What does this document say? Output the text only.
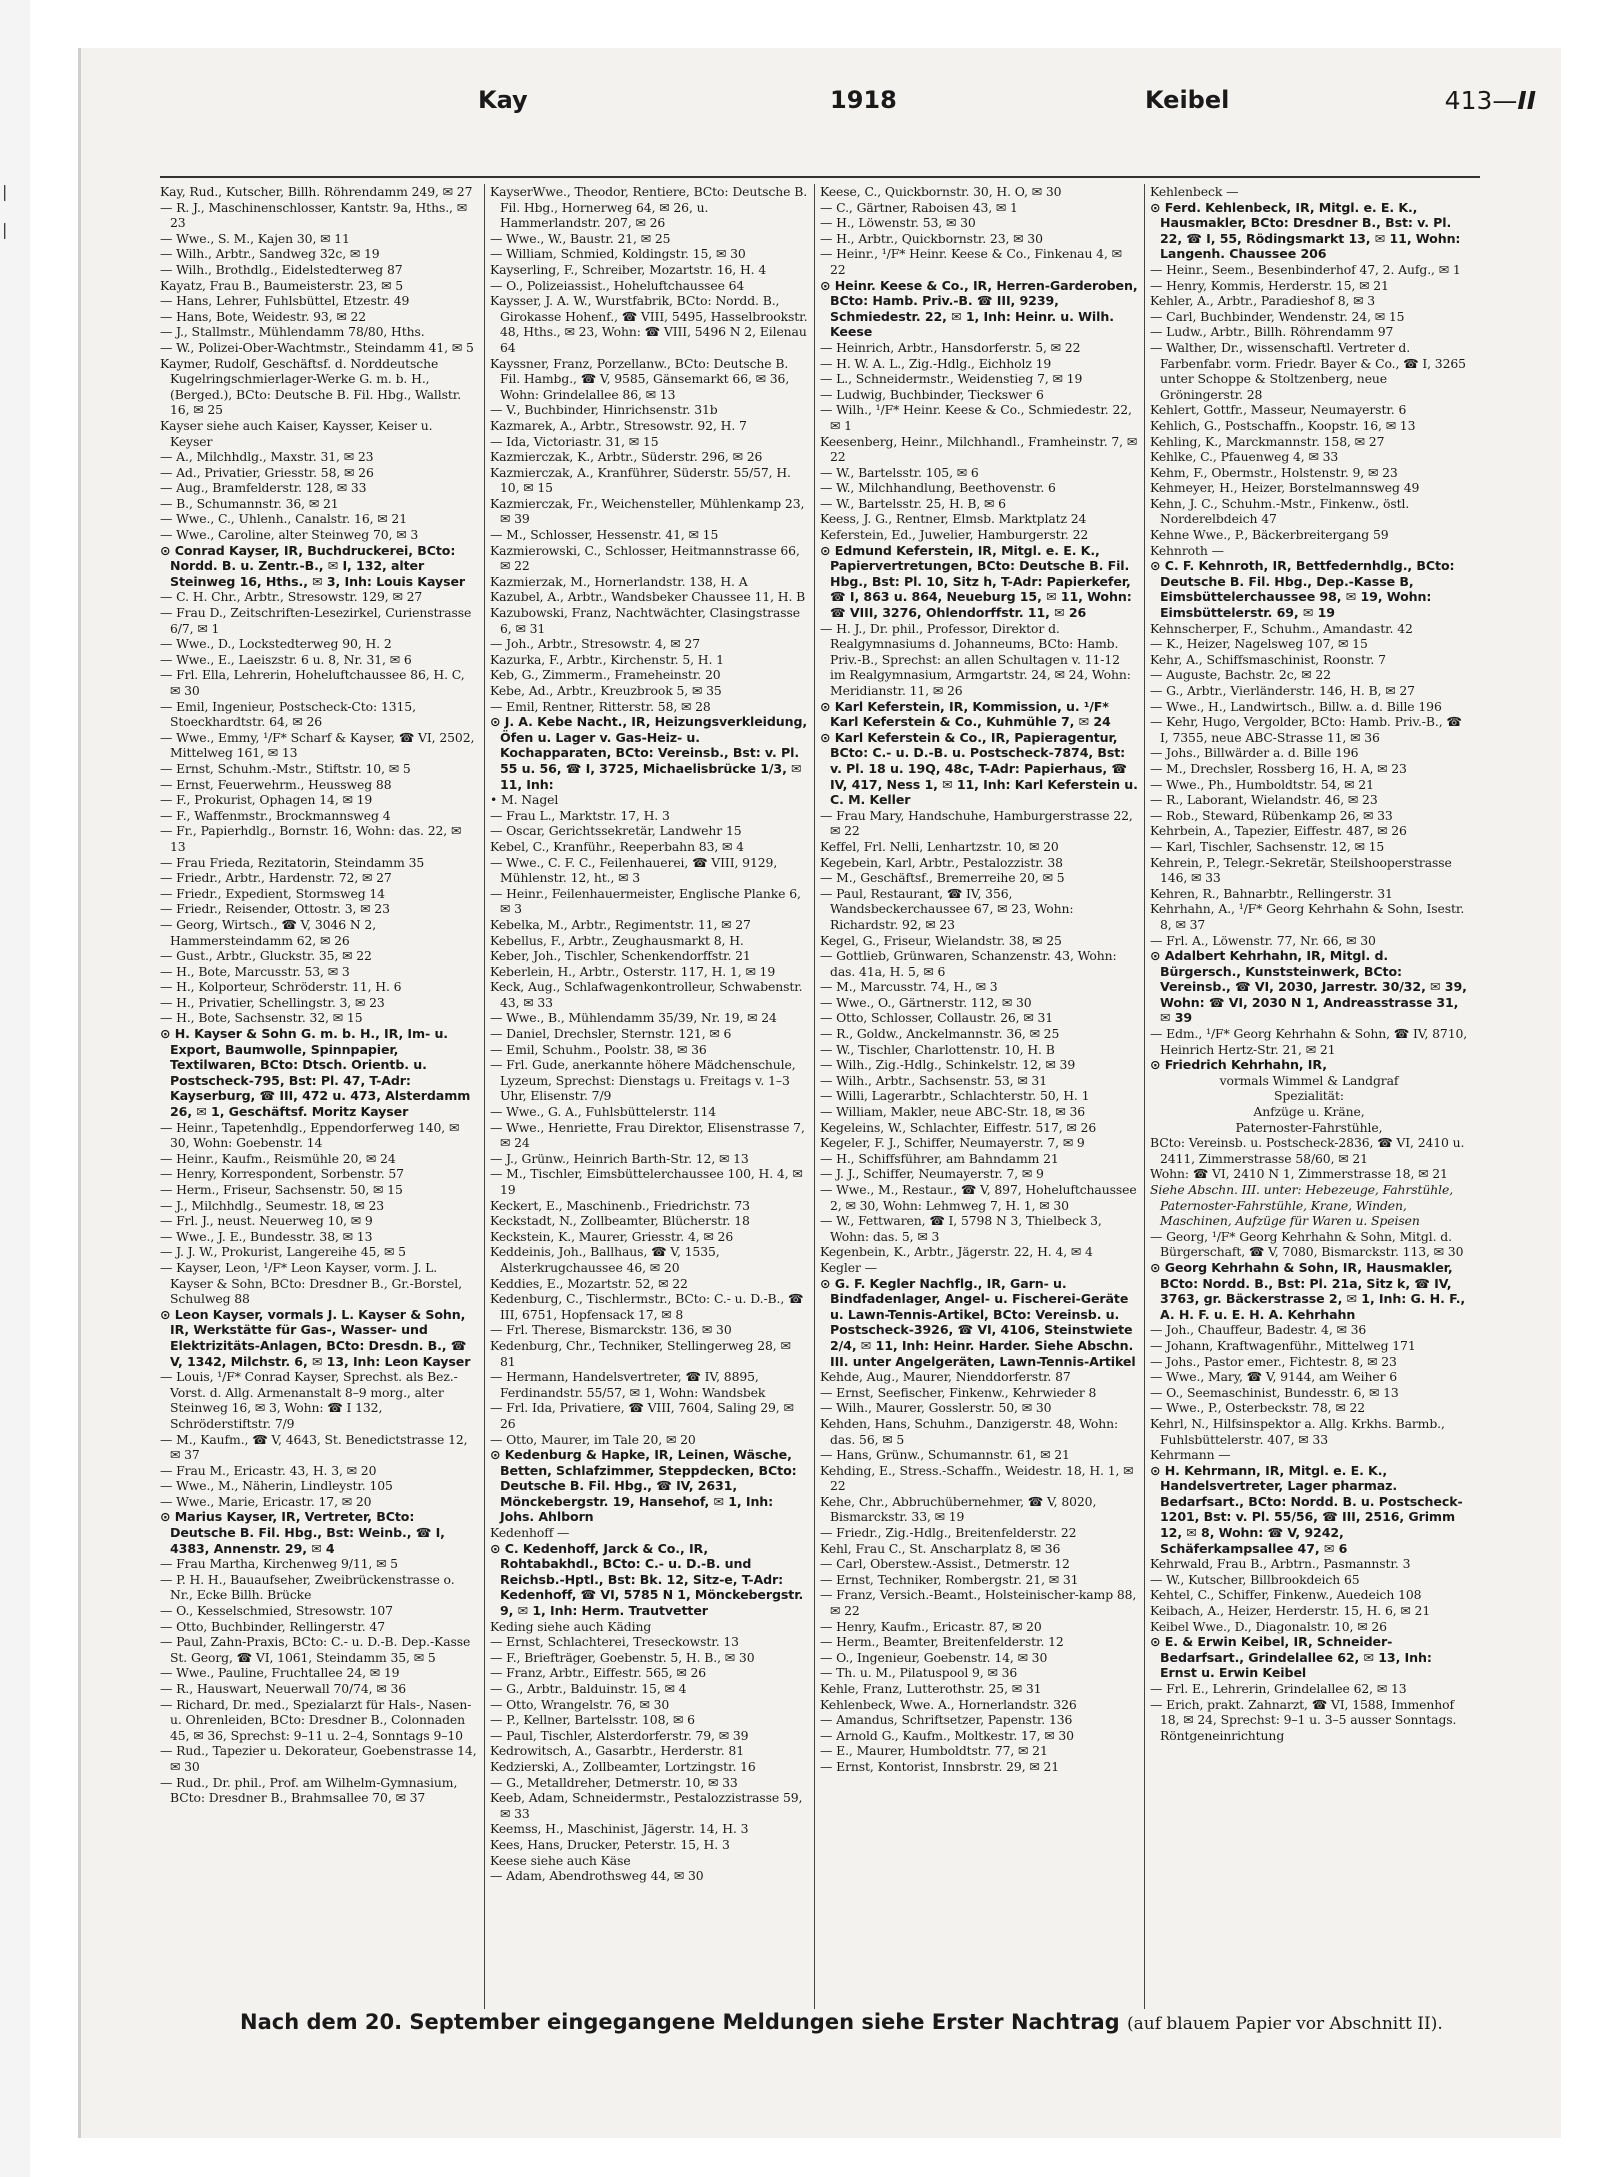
|
|
Kay	1918	Keibel	413—II

Kay, Rud., Kutscher, Billh. Röhrendamm 249, ✉ 27

— R. J., Maschinenschlosser, Kantstr. 9a, Hths., ✉ 23

— Wwe., S. M., Kajen 30, ✉ 11

— Wilh., Arbtr., Sandweg 32c, ✉ 19

— Wilh., Brothdlg., Eidelstedterweg 87

Kayatz, Frau B., Baumeisterstr. 23, ✉ 5

— Hans, Lehrer, Fuhlsbüttel, Etzestr. 49

— Hans, Bote, Weidestr. 93, ✉ 22

— J., Stallmstr., Mühlendamm 78/80, Hths.

— W., Polizei-Ober-Wachtmstr., Steindamm 41, ✉ 5

Kaymer, Rudolf, Geschäftsf. d. Norddeutsche Kugelringschmierlager-Werke G. m. b. H., (Berged.), BCto: Deutsche B. Fil. Hbg., Wallstr. 16, ✉ 25

Kayser siehe auch Kaiser, Kaysser, Keiser u. Keyser

— A., Milchhdlg., Maxstr. 31, ✉ 23

— Ad., Privatier, Griesstr. 58, ✉ 26

— Aug., Bramfelderstr. 128, ✉ 33

— B., Schumannstr. 36, ✉ 21

— Wwe., C., Uhlenh., Canalstr. 16, ✉ 21

— Wwe., Caroline, alter Steinweg 70, ✉ 3

⊙ Conrad Kayser, IR, Buchdruckerei, BCto: Nordd. B. u. Zentr.-B., ✉ I, 132, alter Steinweg 16, Hths., ✉ 3, Inh: Louis Kayser

— C. H. Chr., Arbtr., Stresowstr. 129, ✉ 27

— Frau D., Zeitschriften-Lesezirkel, Curienstrasse 6/7, ✉ 1

— Wwe., D., Lockstedterweg 90, H. 2

— Wwe., E., Laeiszstr. 6 u. 8, Nr. 31, ✉ 6

— Frl. Ella, Lehrerin, Hoheluftchaussee 86, H. C, ✉ 30

— Emil, Ingenieur, Postscheck-Cto: 1315, Stoeckhardtstr. 64, ✉ 26

— Wwe., Emmy, ¹/F* Scharf & Kayser, ☎ VI, 2502, Mittelweg 161, ✉ 13

— Ernst, Schuhm.-Mstr., Stiftstr. 10, ✉ 5

— Ernst, Feuerwehrm., Heussweg 88

— F., Prokurist, Ophagen 14, ✉ 19

— F., Waffenmstr., Brockmannsweg 4

— Fr., Papierhdlg., Bornstr. 16, Wohn: das. 22, ✉ 13

— Frau Frieda, Rezitatorin, Steindamm 35

— Friedr., Arbtr., Hardenstr. 72, ✉ 27

— Friedr., Expedient, Stormsweg 14

— Friedr., Reisender, Ottostr. 3, ✉ 23

— Georg, Wirtsch., ☎ V, 3046 N 2, Hammersteindamm 62, ✉ 26

— Gust., Arbtr., Gluckstr. 35, ✉ 22

— H., Bote, Marcusstr. 53, ✉ 3

— H., Kolporteur, Schröderstr. 11, H. 6

— H., Privatier, Schellingstr. 3, ✉ 23

— H., Bote, Sachsenstr. 32, ✉ 15

⊙ H. Kayser & Sohn G. m. b. H., IR, Im- u. Export, Baumwolle, Spinnpapier, Textilwaren, BCto: Dtsch. Orientb. u. Postscheck-795, Bst: Pl. 47, T-Adr: Kayserburg, ☎ III, 472 u. 473, Alsterdamm 26, ✉ 1, Geschäftsf. Moritz Kayser

— Heinr., Tapetenhdlg., Eppendorferweg 140, ✉ 30, Wohn: Goebenstr. 14

— Heinr., Kaufm., Reismühle 20, ✉ 24

— Henry, Korrespondent, Sorbenstr. 57

— Herm., Friseur, Sachsenstr. 50, ✉ 15

— J., Milchhdlg., Seumestr. 18, ✉ 23

— Frl. J., neust. Neuerweg 10, ✉ 9

— Wwe., J. E., Bundesstr. 38, ✉ 13

— J. J. W., Prokurist, Langereihe 45, ✉ 5

— Kayser, Leon, ¹/F* Leon Kayser, vorm. J. L. Kayser & Sohn, BCto: Dresdner B., Gr.-Borstel, Schulweg 88

⊙ Leon Kayser, vormals J. L. Kayser & Sohn, IR, Werkstätte für Gas-, Wasser- und Elektrizitäts-Anlagen, BCto: Dresdn. B., ☎ V, 1342, Milchstr. 6, ✉ 13, Inh: Leon Kayser

— Louis, ¹/F* Conrad Kayser, Sprechst. als Bez.-Vorst. d. Allg. Armenanstalt 8–9 morg., alter Steinweg 16, ✉ 3, Wohn: ☎ I 132, Schröderstiftstr. 7/9

— M., Kaufm., ☎ V, 4643, St. Benedictstrasse 12, ✉ 37

— Frau M., Ericastr. 43, H. 3, ✉ 20

— Wwe., M., Näherin, Lindleystr. 105

— Wwe., Marie, Ericastr. 17, ✉ 20

⊙ Marius Kayser, IR, Vertreter, BCto: Deutsche B. Fil. Hbg., Bst: Weinb., ☎ I, 4383, Annenstr. 29, ✉ 4

— Frau Martha, Kirchenweg 9/11, ✉ 5

— P. H. H., Bauaufseher, Zweibrückenstrasse o. Nr., Ecke Billh. Brücke

— O., Kesselschmied, Stresowstr. 107

— Otto, Buchbinder, Rellingerstr. 47

— Paul, Zahn-Praxis, BCto: C.- u. D.-B. Dep.-Kasse St. Georg, ☎ VI, 1061, Steindamm 35, ✉ 5

— Wwe., Pauline, Fruchtallee 24, ✉ 19

— R., Hauswart, Neuerwall 70/74, ✉ 36

— Richard, Dr. med., Spezialarzt für Hals-, Nasen- u. Ohrenleiden, BCto: Dresdner B., Colonnaden 45, ✉ 36, Sprechst: 9–11 u. 2–4, Sonntags 9–10

— Rud., Tapezier u. Dekorateur, Goebenstrasse 14, ✉ 30

— Rud., Dr. phil., Prof. am Wilhelm-Gymnasium, BCto: Dresdner B., Brahmsallee 70, ✉ 37

KayserWwe., Theodor, Rentiere, BCto: Deutsche B. Fil. Hbg., Hornerweg 64, ✉ 26, u. Hammerlandstr. 207, ✉ 26

— Wwe., W., Baustr. 21, ✉ 25

— William, Schmied, Koldingstr. 15, ✉ 30

Kayserling, F., Schreiber, Mozartstr. 16, H. 4

— O., Polizeiassist., Hoheluftchaussee 64

Kaysser, J. A. W., Wurstfabrik, BCto: Nordd. B., Girokasse Hohenf., ☎ VIII, 5495, Hasselbrookstr. 48, Hths., ✉ 23, Wohn: ☎ VIII, 5496 N 2, Eilenau 64

Kayssner, Franz, Porzellanw., BCto: Deutsche B. Fil. Hambg., ☎ V, 9585, Gänsemarkt 66, ✉ 36, Wohn: Grindelallee 86, ✉ 13

— V., Buchbinder, Hinrichsenstr. 31b

Kazmarek, A., Arbtr., Stresowstr. 92, H. 7

— Ida, Victoriastr. 31, ✉ 15

Kazmierczak, K., Arbtr., Süderstr. 296, ✉ 26

Kazmierczak, A., Kranführer, Süderstr. 55/57, H. 10, ✉ 15

Kazmierczak, Fr., Weichensteller, Mühlenkamp 23, ✉ 39

— M., Schlosser, Hessenstr. 41, ✉ 15

Kazmierowski, C., Schlosser, Heitmannstrasse 66, ✉ 22

Kazmierzak, M., Hornerlandstr. 138, H. A

Kazubel, A., Arbtr., Wandsbeker Chaussee 11, H. B

Kazubowski, Franz, Nachtwächter, Clasingstrasse 6, ✉ 31

— Joh., Arbtr., Stresowstr. 4, ✉ 27

Kazurka, F., Arbtr., Kirchenstr. 5, H. 1

Keb, G., Zimmerm., Frameheinstr. 20

Kebe, Ad., Arbtr., Kreuzbrook 5, ✉ 35

— Emil, Rentner, Ritterstr. 58, ✉ 28

⊙ J. A. Kebe Nacht., IR, Heizungsverkleidung, Öfen u. Lager v. Gas-Heiz- u. Kochapparaten, BCto: Vereinsb., Bst: v. Pl. 55 u. 56, ☎ I, 3725, Michaelisbrücke 1/3, ✉ 11, Inh:

• M. Nagel

— Frau L., Marktstr. 17, H. 3

— Oscar, Gerichtssekretär, Landwehr 15

Kebel, C., Kranführ., Reeperbahn 83, ✉ 4

— Wwe., C. F. C., Feilenhauerei, ☎ VIII, 9129, Mühlenstr. 12, ht., ✉ 3

— Heinr., Feilenhauermeister, Englische Planke 6, ✉ 3

Kebelka, M., Arbtr., Regimentstr. 11, ✉ 27

Kebellus, F., Arbtr., Zeughausmarkt 8, H.

Keber, Joh., Tischler, Schenkendorffstr. 21

Keberlein, H., Arbtr., Osterstr. 117, H. 1, ✉ 19

Keck, Aug., Schlafwagenkontrolleur, Schwabenstr. 43, ✉ 33

— Wwe., B., Mühlendamm 35/39, Nr. 19, ✉ 24

— Daniel, Drechsler, Sternstr. 121, ✉ 6

— Emil, Schuhm., Poolstr. 38, ✉ 36

— Frl. Gude, anerkannte höhere Mädchenschule, Lyzeum, Sprechst: Dienstags u. Freitags v. 1–3 Uhr, Elisenstr. 7/9

— Wwe., G. A., Fuhlsbüttelerstr. 114

— Wwe., Henriette, Frau Direktor, Elisenstrasse 7, ✉ 24

— J., Grünw., Heinrich Barth-Str. 12, ✉ 13

— M., Tischler, Eimsbüttelerchaussee 100, H. 4, ✉ 19

Keckert, E., Maschinenb., Friedrichstr. 73

Keckstadt, N., Zollbeamter, Blücherstr. 18

Keckstein, K., Maurer, Griesstr. 4, ✉ 26

Keddeinis, Joh., Ballhaus, ☎ V, 1535, Alsterkrugchaussee 46, ✉ 20

Keddies, E., Mozartstr. 52, ✉ 22

Kedenburg, C., Tischlermstr., BCto: C.- u. D.-B., ☎ III, 6751, Hopfensack 17, ✉ 8

— Frl. Therese, Bismarckstr. 136, ✉ 30

Kedenburg, Chr., Techniker, Stellingerweg 28, ✉ 81

— Hermann, Handelsvertreter, ☎ IV, 8895, Ferdinandstr. 55/57, ✉ 1, Wohn: Wandsbek

— Frl. Ida, Privatiere, ☎ VIII, 7604, Saling 29, ✉ 26

— Otto, Maurer, im Tale 20, ✉ 20

⊙ Kedenburg & Hapke, IR, Leinen, Wäsche, Betten, Schlafzimmer, Steppdecken, BCto: Deutsche B. Fil. Hbg., ☎ IV, 2631, Mönckebergstr. 19, Hansehof, ✉ 1, Inh: Johs. Ahlborn

Kedenhoff —

⊙ C. Kedenhoff, Jarck & Co., IR, Rohtabakhdl., BCto: C.- u. D.-B. und Reichsb.-Hptl., Bst: Bk. 12, Sitz-e, T-Adr: Kedenhoff, ☎ VI, 5785 N 1, Mönckebergstr. 9, ✉ 1, Inh: Herm. Trautvetter

Keding siehe auch Käding

— Ernst, Schlachterei, Treseckowstr. 13

— F., Briefträger, Goebenstr. 5, H. B., ✉ 30

— Franz, Arbtr., Eiffestr. 565, ✉ 26

— G., Arbtr., Balduinstr. 15, ✉ 4

— Otto, Wrangelstr. 76, ✉ 30

— P., Kellner, Bartelsstr. 108, ✉ 6

— Paul, Tischler, Alsterdorferstr. 79, ✉ 39

Kedrowitsch, A., Gasarbtr., Herderstr. 81

Kedzierski, A., Zollbeamter, Lortzingstr. 16

— G., Metalldreher, Detmerstr. 10, ✉ 33

Keeb, Adam, Schneidermstr., Pestalozzistrasse 59, ✉ 33

Keemss, H., Maschinist, Jägerstr. 14, H. 3

Kees, Hans, Drucker, Peterstr. 15, H. 3

Keese siehe auch Käse

— Adam, Abendrothsweg 44, ✉ 30

Keese, C., Quickbornstr. 30, H. O, ✉ 30

— C., Gärtner, Raboisen 43, ✉ 1

— H., Löwenstr. 53, ✉ 30

— H., Arbtr., Quickbornstr. 23, ✉ 30

— Heinr., ¹/F* Heinr. Keese & Co., Finkenau 4, ✉ 22

⊙ Heinr. Keese & Co., IR, Herren-Garderoben, BCto: Hamb. Priv.-B. ☎ III, 9239, Schmiedestr. 22, ✉ 1, Inh: Heinr. u. Wilh. Keese

— Heinrich, Arbtr., Hansdorferstr. 5, ✉ 22

— H. W. A. L., Zig.-Hdlg., Eichholz 19

— L., Schneidermstr., Weidenstieg 7, ✉ 19

— Ludwig, Buchbinder, Tieckswег 6

— Wilh., ¹/F* Heinr. Keese & Co., Schmiedestr. 22, ✉ 1

Keesenberg, Heinr., Milchhandl., Framheinstr. 7, ✉ 22

— W., Bartelsstr. 105, ✉ 6

— W., Milchhandlung, Beethovenstr. 6

— W., Bartelsstr. 25, H. B, ✉ 6

Keess, J. G., Rentner, Elmsb. Marktplatz 24

Keferstein, Ed., Juwelier, Hamburgerstr. 22

⊙ Edmund Keferstein, IR, Mitgl. e. E. K., Papiervertretungen, BCto: Deutsche B. Fil. Hbg., Bst: Pl. 10, Sitz h, T-Adr: Papierkefer, ☎ I, 863 u. 864, Neueburg 15, ✉ 11, Wohn: ☎ VIII, 3276, Ohlendorffstr. 11, ✉ 26

— H. J., Dr. phil., Professor, Direktor d. Realgymnasiums d. Johanneums, BCto: Hamb. Priv.-B., Sprechst: an allen Schultagen v. 11-12 im Realgymnasium, Armgartstr. 24, ✉ 24, Wohn: Meridianstr. 11, ✉ 26

⊙ Karl Keferstein, IR, Kommission, u. ¹/F* Karl Keferstein & Co., Kuhmühle 7, ✉ 24

⊙ Karl Keferstein & Co., IR, Papieragentur, BCto: C.- u. D.-B. u. Postscheck-7874, Bst: v. Pl. 18 u. 19Q, 48c, T-Adr: Papierhaus, ☎ IV, 417, Ness 1, ✉ 11, Inh: Karl Keferstein u. C. M. Keller

— Frau Mary, Handschuhe, Hamburgerstrasse 22, ✉ 22

Keffel, Frl. Nelli, Lenhartzstr. 10, ✉ 20

Kegebein, Karl, Arbtr., Pestalozzistr. 38

— M., Geschäftsf., Bremerreihe 20, ✉ 5

— Paul, Restaurant, ☎ IV, 356, Wandsbeckerchaussee 67, ✉ 23, Wohn: Richardstr. 92, ✉ 23

Kegel, G., Friseur, Wielandstr. 38, ✉ 25

— Gottlieb, Grünwaren, Schanzenstr. 43, Wohn: das. 41a, H. 5, ✉ 6

— M., Marcusstr. 74, H., ✉ 3

— Wwe., O., Gärtnerstr. 112, ✉ 30

— Otto, Schlosser, Collaustr. 26, ✉ 31

— R., Goldw., Anckelmannstr. 36, ✉ 25

— W., Tischler, Charlottenstr. 10, H. B

— Wilh., Zig.-Hdlg., Schinkelstr. 12, ✉ 39

— Wilh., Arbtr., Sachsenstr. 53, ✉ 31

— Willi, Lagerarbtr., Schlachterstr. 50, H. 1

— William, Makler, neue ABC-Str. 18, ✉ 36

Kegeleins, W., Schlachter, Eiffestr. 517, ✉ 26

Kegeler, F. J., Schiffer, Neumayerstr. 7, ✉ 9

— H., Schiffsführer, am Bahndamm 21

— J. J., Schiffer, Neumayerstr. 7, ✉ 9

— Wwe., M., Restaur., ☎ V, 897, Hoheluftchaussee 2, ✉ 30, Wohn: Lehmweg 7, H. 1, ✉ 30

— W., Fettwaren, ☎ I, 5798 N 3, Thielbeck 3, Wohn: das. 5, ✉ 3

Kegenbein, K., Arbtr., Jägerstr. 22, H. 4, ✉ 4

Kegler —

⊙ G. F. Kegler Nachflg., IR, Garn- u. Bindfadenlager, Angel- u. Fischerei-Geräte u. Lawn-Tennis-Artikel, BCto: Vereinsb. u. Postscheck-3926, ☎ VI, 4106, Steinstwiete 2/4, ✉ 11, Inh: Heinr. Harder. Siehe Abschn. III. unter Angelgeräten, Lawn-Tennis-Artikel

Kehde, Aug., Maurer, Nienddorferstr. 87

— Ernst, Seefischer, Finkenw., Kehrwieder 8

— Wilh., Maurer, Gosslerstr. 50, ✉ 30

Kehden, Hans, Schuhm., Danzigerstr. 48, Wohn: das. 56, ✉ 5

— Hans, Grünw., Schumannstr. 61, ✉ 21

Kehding, E., Stress.-Schaffn., Weidestr. 18, H. 1, ✉ 22

Kehe, Chr., Abbruchübernehmer, ☎ V, 8020, Bismarckstr. 33, ✉ 19

— Friedr., Zig.-Hdlg., Breitenfelderstr. 22

Kehl, Frau C., St. Anscharplatz 8, ✉ 36

— Carl, Oberstew.-Assist., Detmerstr. 12

— Ernst, Techniker, Rombergstr. 21, ✉ 31

— Franz, Versich.-Beamt., Holsteinischer-kamp 88, ✉ 22

— Henry, Kaufm., Ericastr. 87, ✉ 20

— Herm., Beamter, Breitenfelderstr. 12

— O., Ingenieur, Goebenstr. 14, ✉ 30

— Th. u. M., Pilatuspool 9, ✉ 36

Kehle, Franz, Lutterothstr. 25, ✉ 31

Kehlenbeck, Wwe. A., Hornerlandstr. 326

— Amandus, Schriftsetzer, Papenstr. 136

— Arnold G., Kaufm., Moltkestr. 17, ✉ 30

— E., Maurer, Humboldtstr. 77, ✉ 21

— Ernst, Kontorist, Innsbrstr. 29, ✉ 21

Kehlenbeck —

⊙ Ferd. Kehlenbeck, IR, Mitgl. e. E. K., Hausmakler, BCto: Dresdner B., Bst: v. Pl. 22, ☎ I, 55, Rödingsmarkt 13, ✉ 11, Wohn: Langenh. Chaussee 206

— Heinr., Seem., Besenbinderhof 47, 2. Aufg., ✉ 1

— Henry, Kommis, Herderstr. 15, ✉ 21

Kehler, A., Arbtr., Paradieshof 8, ✉ 3

— Carl, Buchbinder, Wendenstr. 24, ✉ 15

— Ludw., Arbtr., Billh. Röhrendamm 97

— Walther, Dr., wissenschaftl. Vertreter d. Farbenfabr. vorm. Friedr. Bayer & Co., ☎ I, 3265 unter Schoppe & Stoltzenberg, neue Gröningerstr. 28

Kehlert, Gottfr., Masseur, Neumayerstr. 6

Kehlich, G., Postschaffn., Koopstr. 16, ✉ 13

Kehling, K., Marckmannstr. 158, ✉ 27

Kehlke, C., Pfauenweg 4, ✉ 33

Kehm, F., Obermstr., Holstenstr. 9, ✉ 23

Kehmeyer, H., Heizer, Borstelmannsweg 49

Kehn, J. C., Schuhm.-Mstr., Finkenw., östl. Norderelbdeich 47

Kehne Wwe., P., Bäckerbreitergang 59

Kehnroth —

⊙ C. F. Kehnroth, IR, Bettfedernhdlg., BCto: Deutsche B. Fil. Hbg., Dep.-Kasse B, Eimsbüttelerchaussee 98, ✉ 19, Wohn: Eimsbüttelerstr. 69, ✉ 19

Kehnscherper, F., Schuhm., Amandastr. 42

— K., Heizer, Nagelsweg 107, ✉ 15

Kehr, A., Schiffsmaschinist, Roonstr. 7

— Auguste, Bachstr. 2c, ✉ 22

— G., Arbtr., Vierländerstr. 146, H. B, ✉ 27

— Wwe., H., Landwirtsch., Billw. a. d. Bille 196

— Kehr, Hugo, Vergolder, BCto: Hamb. Priv.-B., ☎ I, 7355, neue ABC-Strasse 11, ✉ 36

— Johs., Billwärder a. d. Bille 196

— M., Drechsler, Rossberg 16, H. A, ✉ 23

— Wwe., Ph., Humboldtstr. 54, ✉ 21

— R., Laborant, Wielandstr. 46, ✉ 23

— Rob., Steward, Rübenkamp 26, ✉ 33

Kehrbein, A., Tapezier, Eiffestr. 487, ✉ 26

— Karl, Tischler, Sachsenstr. 12, ✉ 15

Kehrein, P., Telegr.-Sekretär, Steilshooperstrasse 146, ✉ 33

Kehren, R., Bahnarbtr., Rellingerstr. 31

Kehrhahn, A., ¹/F* Georg Kehrhahn & Sohn, Isestr. 8, ✉ 37

— Frl. A., Löwenstr. 77, Nr. 66, ✉ 30

⊙ Adalbert Kehrhahn, IR, Mitgl. d. Bürgersch., Kunststeinwerk, BCto: Vereinsb., ☎ VI, 2030, Jarrestr. 30/32, ✉ 39, Wohn: ☎ VI, 2030 N 1, Andreasstrasse 31, ✉ 39

— Edm., ¹/F* Georg Kehrhahn & Sohn, ☎ IV, 8710, Heinrich Hertz-Str. 21, ✉ 21

⊙ Friedrich Kehrhahn, IR,

vormals Wimmel & Landgraf

Spezialität:

Anfzüge u. Kräne,

Paternoster-Fahrstühle,

BCto: Vereinsb. u. Postscheck-2836, ☎ VI, 2410 u. 2411, Zimmerstrasse 58/60, ✉ 21

Wohn: ☎ VI, 2410 N 1, Zimmerstrasse 18, ✉ 21

Siehe Abschn. III. unter: Hebezeuge, Fahrstühle, Paternoster-Fahrstühle, Krane, Winden, Maschinen, Aufzüge für Waren u. Speisen

— Georg, ¹/F* Georg Kehrhahn & Sohn, Mitgl. d. Bürgerschaft, ☎ V, 7080, Bismarckstr. 113, ✉ 30

⊙ Georg Kehrhahn & Sohn, IR, Hausmakler, BCto: Nordd. B., Bst: Pl. 21a, Sitz k, ☎ IV, 3763, gr. Bäckerstrasse 2, ✉ 1, Inh: G. H. F., A. H. F. u. E. H. A. Kehrhahn

— Joh., Chauffeur, Badestr. 4, ✉ 36

— Johann, Kraftwagenführ., Mittelweg 171

— Johs., Pastor emer., Fichtestr. 8, ✉ 23

— Wwe., Mary, ☎ V, 9144, am Weiher 6

— O., Seemaschinist, Bundesstr. 6, ✉ 13

— Wwe., P., Osterbeckstr. 78, ✉ 22

Kehrl, N., Hilfsinspektor a. Allg. Krkhs. Barmb., Fuhlsbüttelerstr. 407, ✉ 33

Kehrmann —

⊙ H. Kehrmann, IR, Mitgl. e. E. K., Handelsvertreter, Lager pharmaz. Bedarfsart., BCto: Nordd. B. u. Postscheck-1201, Bst: v. Pl. 55/56, ☎ III, 2516, Grimm 12, ✉ 8, Wohn: ☎ V, 9242, Schäferkampsallee 47, ✉ 6

Kehrwald, Frau B., Arbtrn., Pasmannstr. 3

— W., Kutscher, Billbrookdeich 65

Kehtel, C., Schiffer, Finkenw., Auedeich 108

Keibach, A., Heizer, Herderstr. 15, H. 6, ✉ 21

Keibel Wwe., D., Diagonalstr. 10, ✉ 26

⊙ E. & Erwin Keibel, IR, Schneider-Bedarfsart., Grindelallee 62, ✉ 13, Inh: Ernst u. Erwin Keibel

— Frl. E., Lehrerin, Grindelallee 62, ✉ 13

— Erich, prakt. Zahnarzt, ☎ VI, 1588, Immenhof 18, ✉ 24, Sprechst: 9–1 u. 3–5 ausser Sonntags. Röntgeneinrichtung

Nach dem 20. September eingegangene Meldungen siehe Erster Nachtrag (auf blauem Papier vor Abschnitt II).
